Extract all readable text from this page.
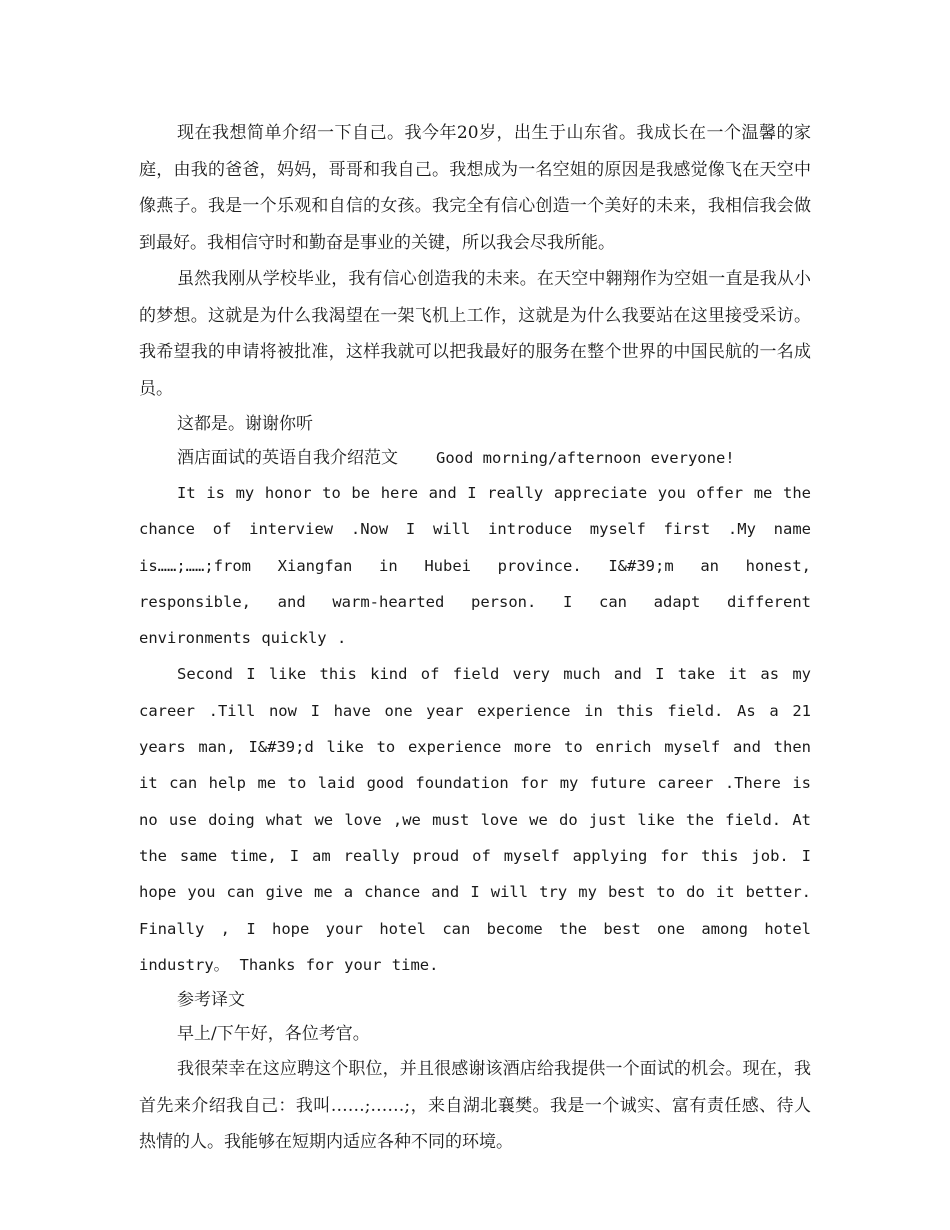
现在我想简单介绍一下自己。我今年20岁，出生于山东省。我成长在一个温馨的家庭，由我的爸爸，妈妈，哥哥和我自己。我想成为一名空姐的原因是我感觉像飞在天空中像燕子。我是一个乐观和自信的女孩。我完全有信心创造一个美好的未来，我相信我会做到最好。我相信守时和勤奋是事业的关键，所以我会尽我所能。

虽然我刚从学校毕业，我有信心创造我的未来。在天空中翱翔作为空姐一直是我从小的梦想。这就是为什么我渴望在一架飞机上工作，这就是为什么我要站在这里接受采访。我希望我的申请将被批准，这样我就可以把我最好的服务在整个世界的中国民航的一名成员。

这都是。谢谢你听

酒店面试的英语自我介绍范文 Good morning/afternoon everyone!

It is my honor to be here and I really appreciate you offer me the chance of interview .Now I will introduce myself first .My name is……;……;from Xiangfan in Hubei province. I&#39;m an honest, responsible, and warm-hearted person. I can adapt different environments quickly .

Second I like this kind of field very much and I take it as my career .Till now I have one year experience in this field. As a 21 years man, I&#39;d like to experience more to enrich myself and then it can help me to laid good foundation for my future career .There is no use doing what we love ,we must love we do just like the field. At the same time, I am really proud of myself applying for this job. I hope you can give me a chance and I will try my best to do it better. Finally , I hope your hotel can become the best one among hotel industry。 Thanks for your time.

参考译文

早上/下午好，各位考官。

我很荣幸在这应聘这个职位，并且很感谢该酒店给我提供一个面试的机会。现在，我首先来介绍我自己：我叫……;……;，来自湖北襄樊。我是一个诚实、富有责任感、待人热情的人。我能够在短期内适应各种不同的环境。
